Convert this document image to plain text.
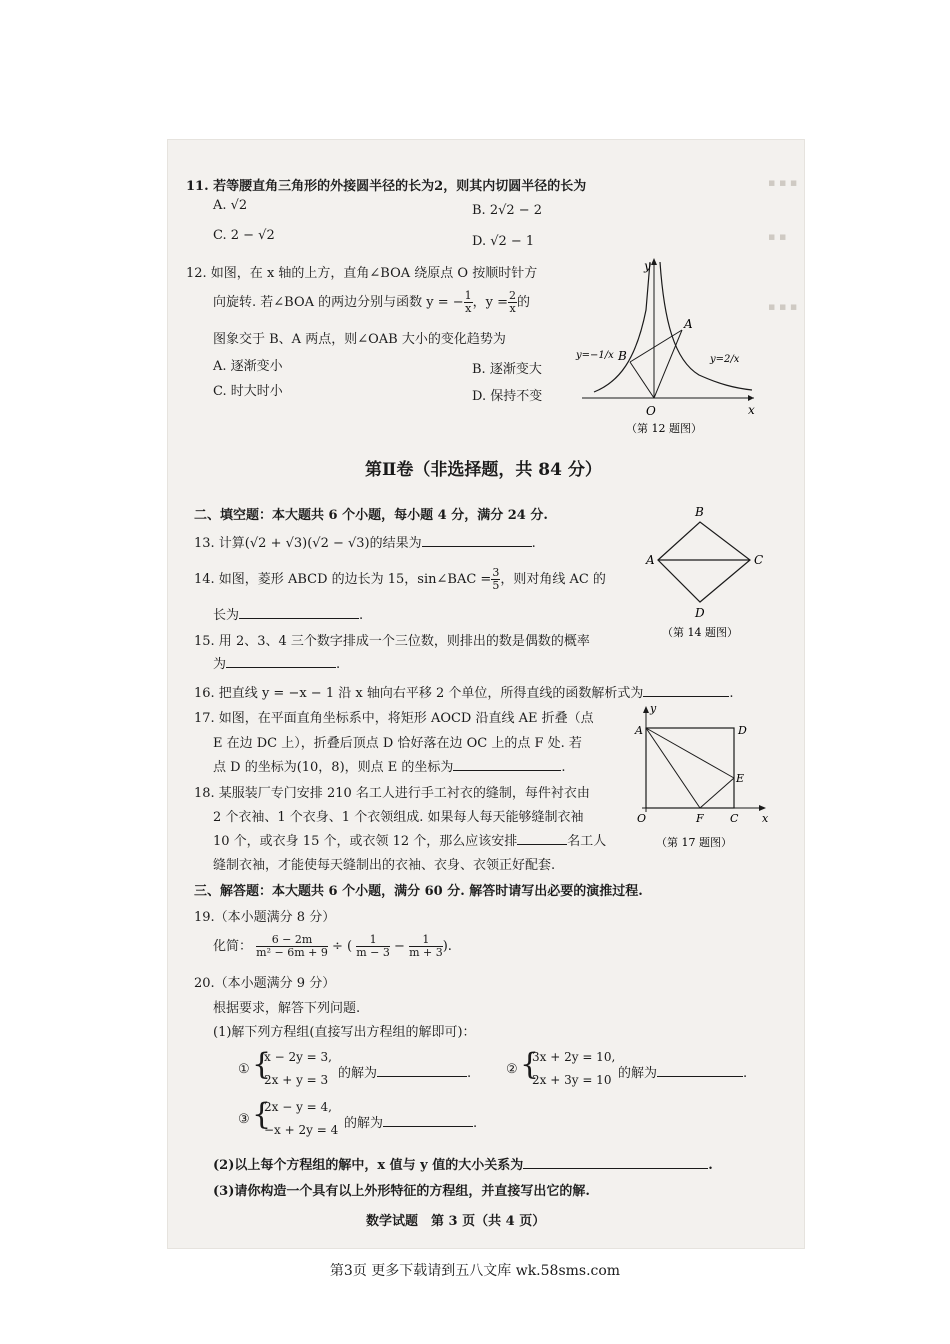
▪ ▪ ▪
▪ ▪
▪ ▪ ▪
11. 若等腰直角三角形的外接圆半径的长为2，则其内切圆半径的长为
A. √2	B. 2√2 − 2
C. 2 − √2	D. √2 − 1
12. 如图，在 x 轴的上方，直角∠BOA 绕原点 O 按顺时针方
向旋转. 若∠BOA 的两边分别与函数 y = − $\frac{1}{x}$ ，$y = \frac{2}{x}$ 的
图象交于 B、A 两点，则∠OAB 大小的变化趋势为
A. 逐渐变小	B. 逐渐变大
C. 时大时小	D. 保持不变
y
x
O
A
B
y=−1/x	y=2/x
（第 12 题图）
第Ⅱ卷（非选择题，共 84 分）
二、填空题：本大题共 6 个小题，每小题 4 分，满分 24 分.
13. 计算(√2 + √3)(√2 − √3)的结果为	.
14. 如图，菱形 ABCD 的边长为 15，sin∠BAC = $\frac{3}{5}$ ，则对角线 AC 的
长为	.
A
B
C
D
（第 14 题图）
15. 用 2、3、4 三个数字排成一个三位数，则排出的数是偶数的概率
为	.
16. 把直线 y = −x − 1 沿 x 轴向右平移 2 个单位，所得直线的函数解析式为	.
17. 如图，在平面直角坐标系中，将矩形 AOCD 沿直线 AE 折叠（点
E 在边 DC 上），折叠后顶点 D 恰好落在边 OC 上的点 F 处. 若
点 D 的坐标为(10，8)，则点 E 的坐标为	.
y
x
A	D
E
O	F C
（第 17 题图）
18. 某服装厂专门安排 210 名工人进行手工衬衣的缝制，每件衬衣由
2 个衣袖、1 个衣身、1 个衣领组成. 如果每人每天能够缝制衣袖
10 个，或衣身 15 个，或衣领 12 个，那么应该安排	名工人
缝制衣袖，才能使每天缝制出的衣袖、衣身、衣领正好配套.
三、解答题：本大题共 6 个小题，满分 60 分. 解答时请写出必要的演推过程.
19.（本小题满分 8 分）
化简： $\frac{6 - 2m}{\text{m² − 6m + 9}}$ ÷ ( $\frac{1}{m - 3} - \frac{1}{m + 3}$ ).
20.（本小题满分 9 分）
根据要求，解答下列问题.
(1)解下列方程组(直接写出方程组的解即可)：
① {
x − 2y = 3,
2x + y = 3 的解为	.	② {
3x + 2y = 10,
2x + 3y = 10 的解为	.
③ {
2x − y = 4,
−x + 2y = 4 的解为	.
(2)以上每个方程组的解中，x 值与 y 值的大小关系为	.
(3)请你构造一个具有以上外形特征的方程组，并直接写出它的解.
数学试题　第 3 页（共 4 页）
第3页 更多下载请到五八文库 wk.58sms.com
